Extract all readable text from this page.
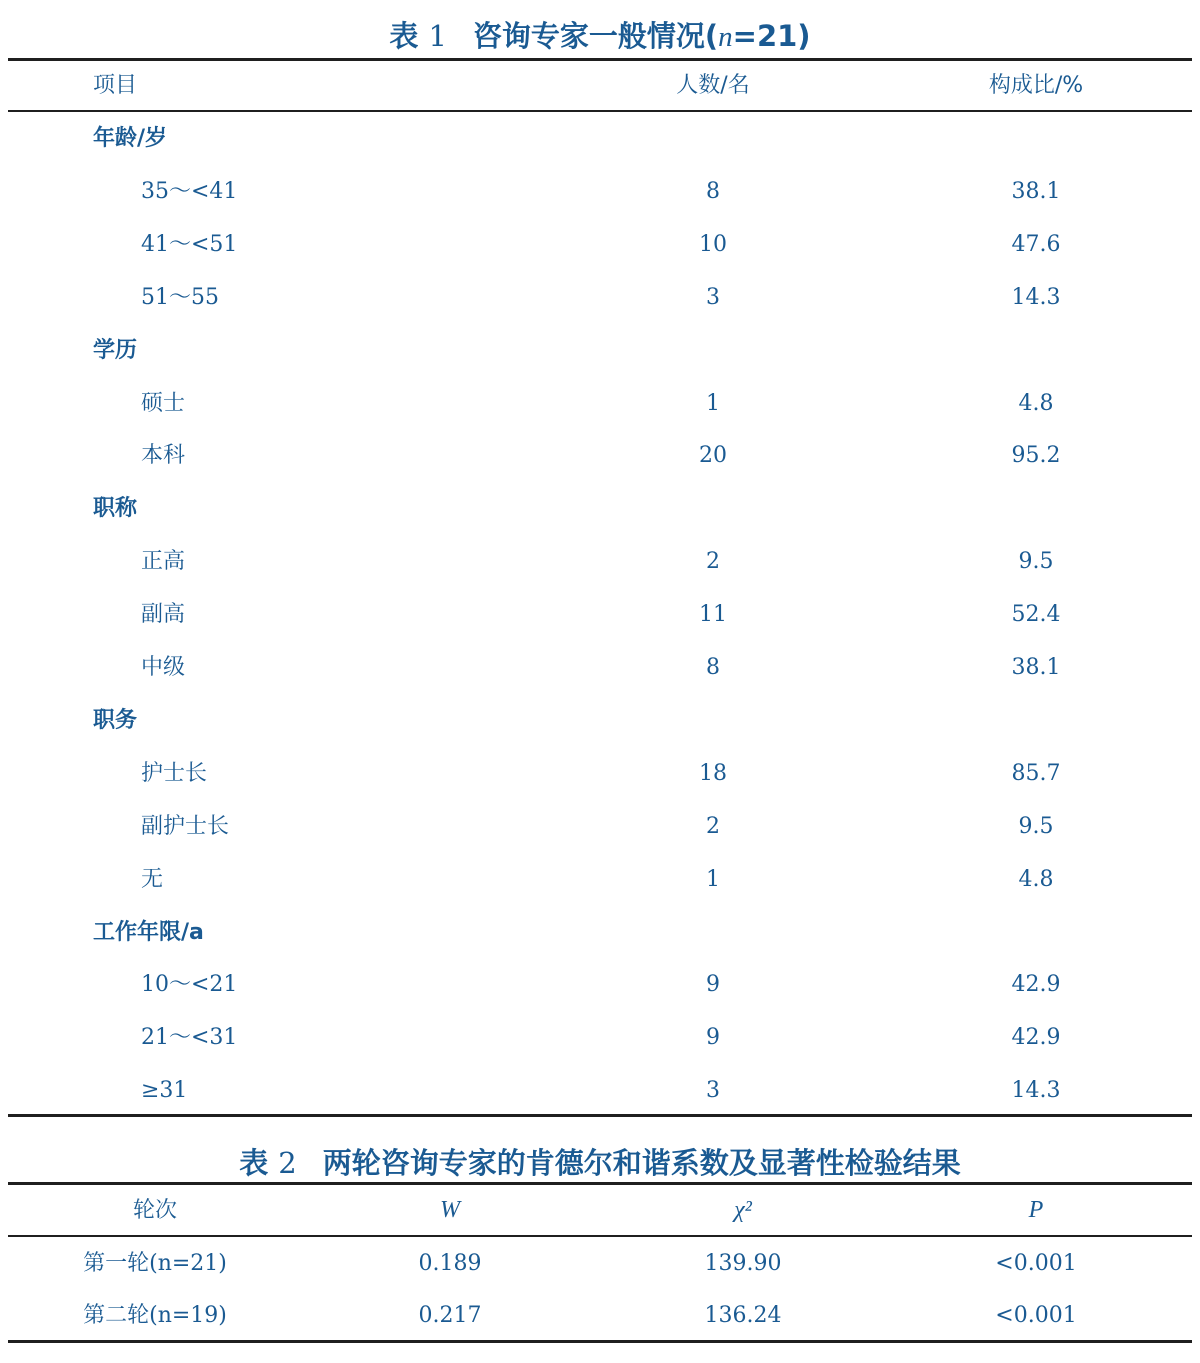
表 1 咨询专家一般情况(n=21)
项目	人数/名	构成比/%
年龄/岁
35～<41	8	38.1
41～<51	10	47.6
51～55	3	14.3
学历
硕士	1	4.8
本科	20	95.2
职称
正高	2	9.5
副高	11	52.4
中级	8	38.1
职务
护士长	18	85.7
副护士长	2	9.5
无	1	4.8
工作年限/a
10～<21	9	42.9
21～<31	9	42.9
≥31	3	14.3
表 2 两轮咨询专家的肯德尔和谐系数及显著性检验结果
轮次	W	χ²	P
第一轮(n=21)	0.189	139.90	<0.001
第二轮(n=19)	0.217	136.24	<0.001
